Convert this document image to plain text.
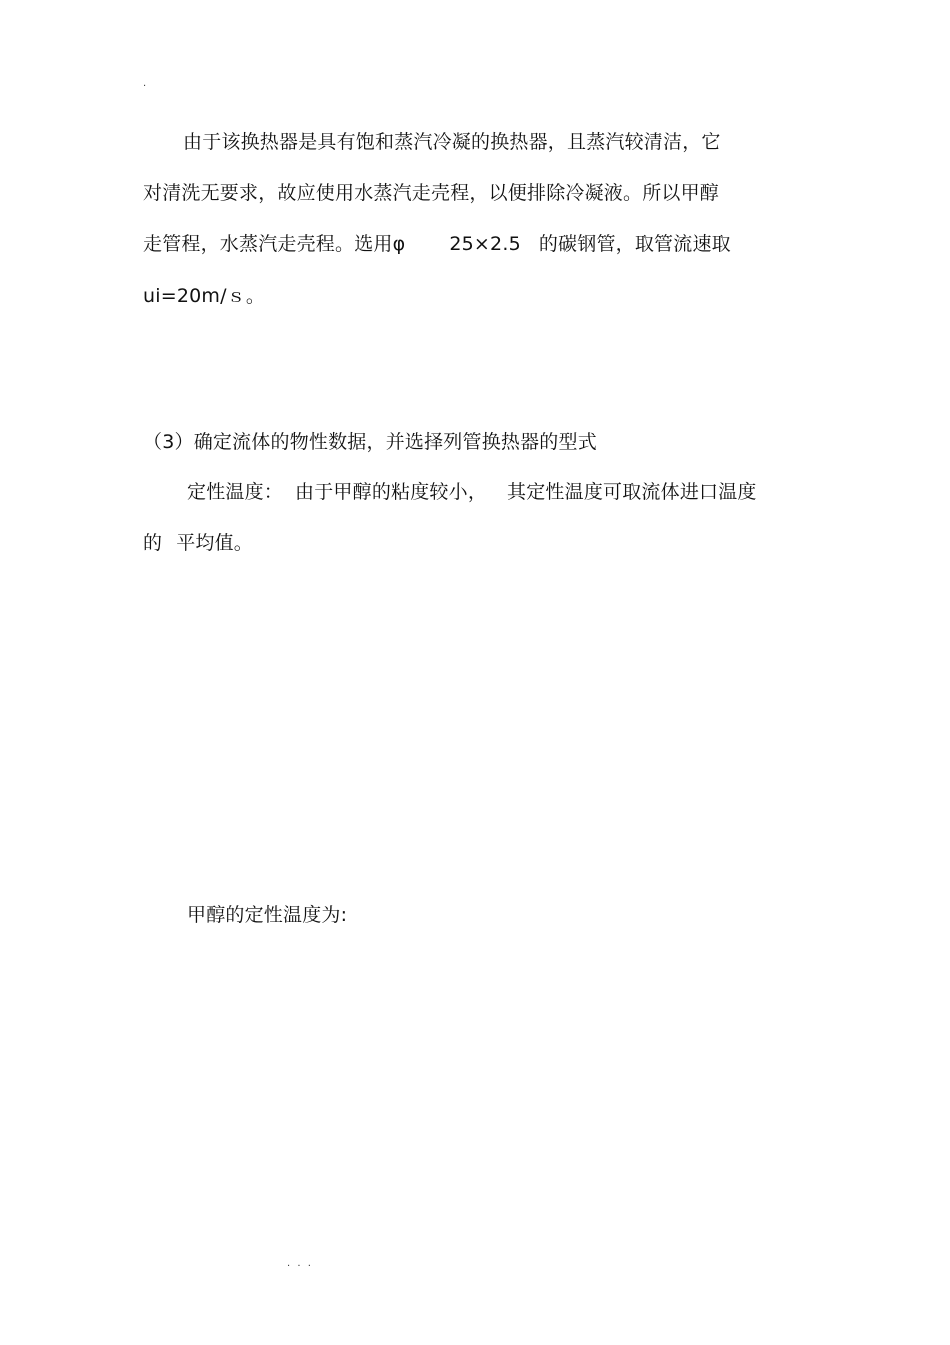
.
由于该换热器是具有饱和蒸汽冷凝的换热器，且蒸汽较清洁，它
对清洗无要求，故应使用水蒸汽走壳程，以便排除冷凝液。所以甲醇
走管程，水蒸汽走壳程。选用φ 25×2.5 的碳钢管，取管流速取
ui=20m/ｓ。
（3）确定流体的物性数据，并选择列管换热器的型式
定性温度： 由于甲醇的粘度较小， 其定性温度可取流体进口温度
的 平均值。
甲醇的定性温度为:
. . .
